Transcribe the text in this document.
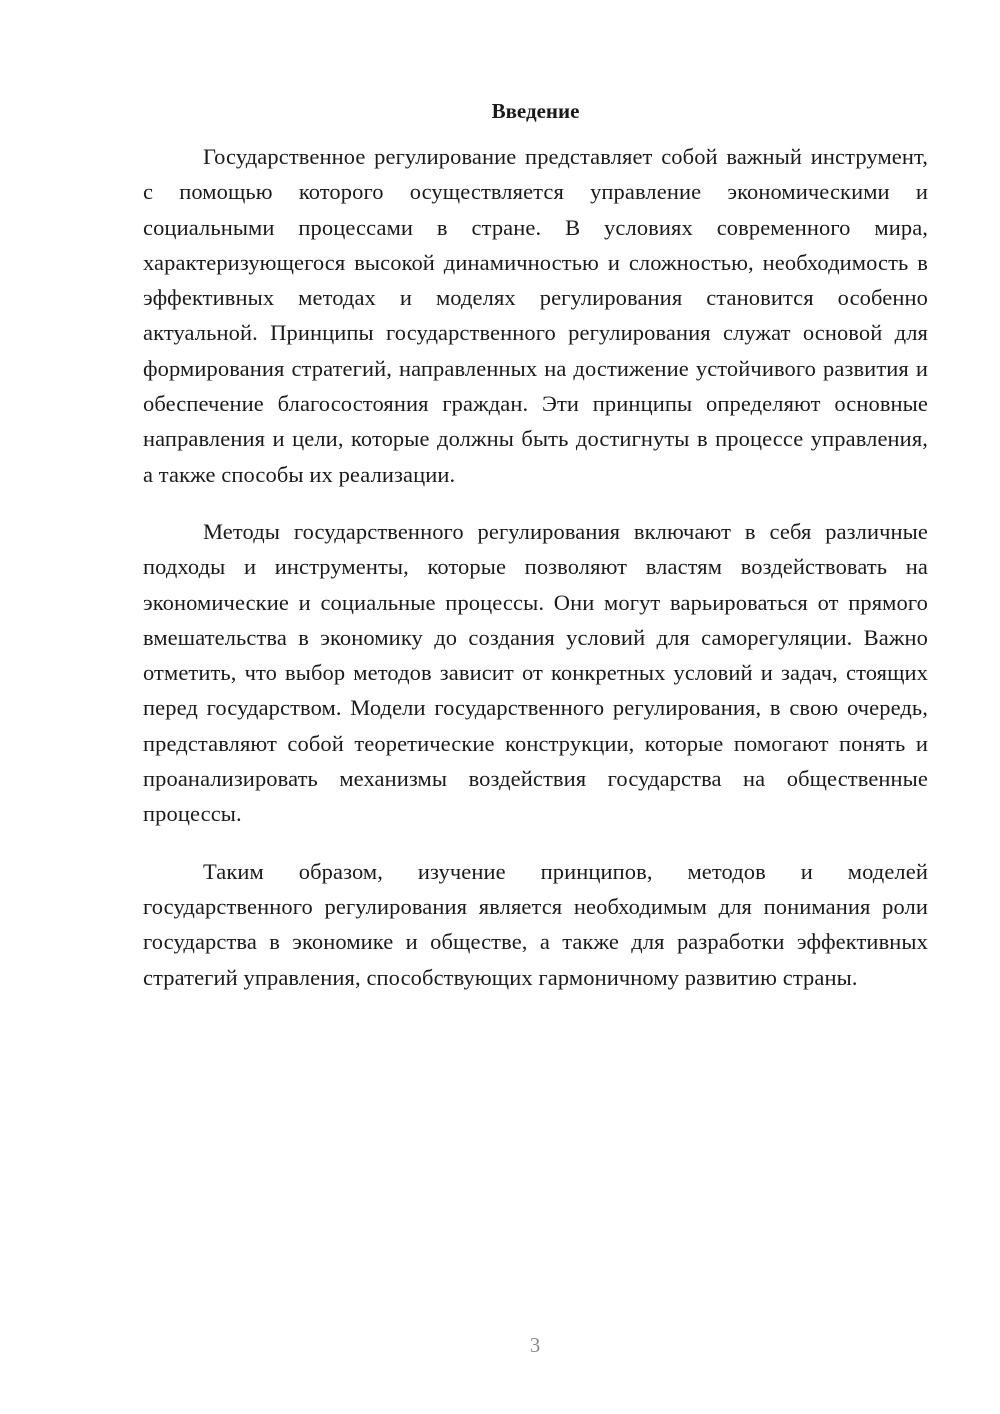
Введение

Государственное регулирование представляет собой важный инструмент, с помощью которого осуществляется управление экономическими и социальными процессами в стране. В условиях современного мира, характеризующегося высокой динамичностью и сложностью, необходимость в эффективных методах и моделях регулирования становится особенно актуальной. Принципы государственного регулирования служат основой для формирования стратегий, направленных на достижение устойчивого развития и обеспечение благосостояния граждан. Эти принципы определяют основные направления и цели, которые должны быть достигнуты в процессе управления, а также способы их реализации.

Методы государственного регулирования включают в себя различные подходы и инструменты, которые позволяют властям воздействовать на экономические и социальные процессы. Они могут варьироваться от прямого вмешательства в экономику до создания условий для саморегуляции. Важно отметить, что выбор методов зависит от конкретных условий и задач, стоящих перед государством. Модели государственного регулирования, в свою очередь, представляют собой теоретические конструкции, которые помогают понять и проанализировать механизмы воздействия государства на общественные процессы.

Таким образом, изучение принципов, методов и моделей государственного регулирования является необходимым для понимания роли государства в экономике и обществе, а также для разработки эффективных стратегий управления, способствующих гармоничному развитию страны.

3
